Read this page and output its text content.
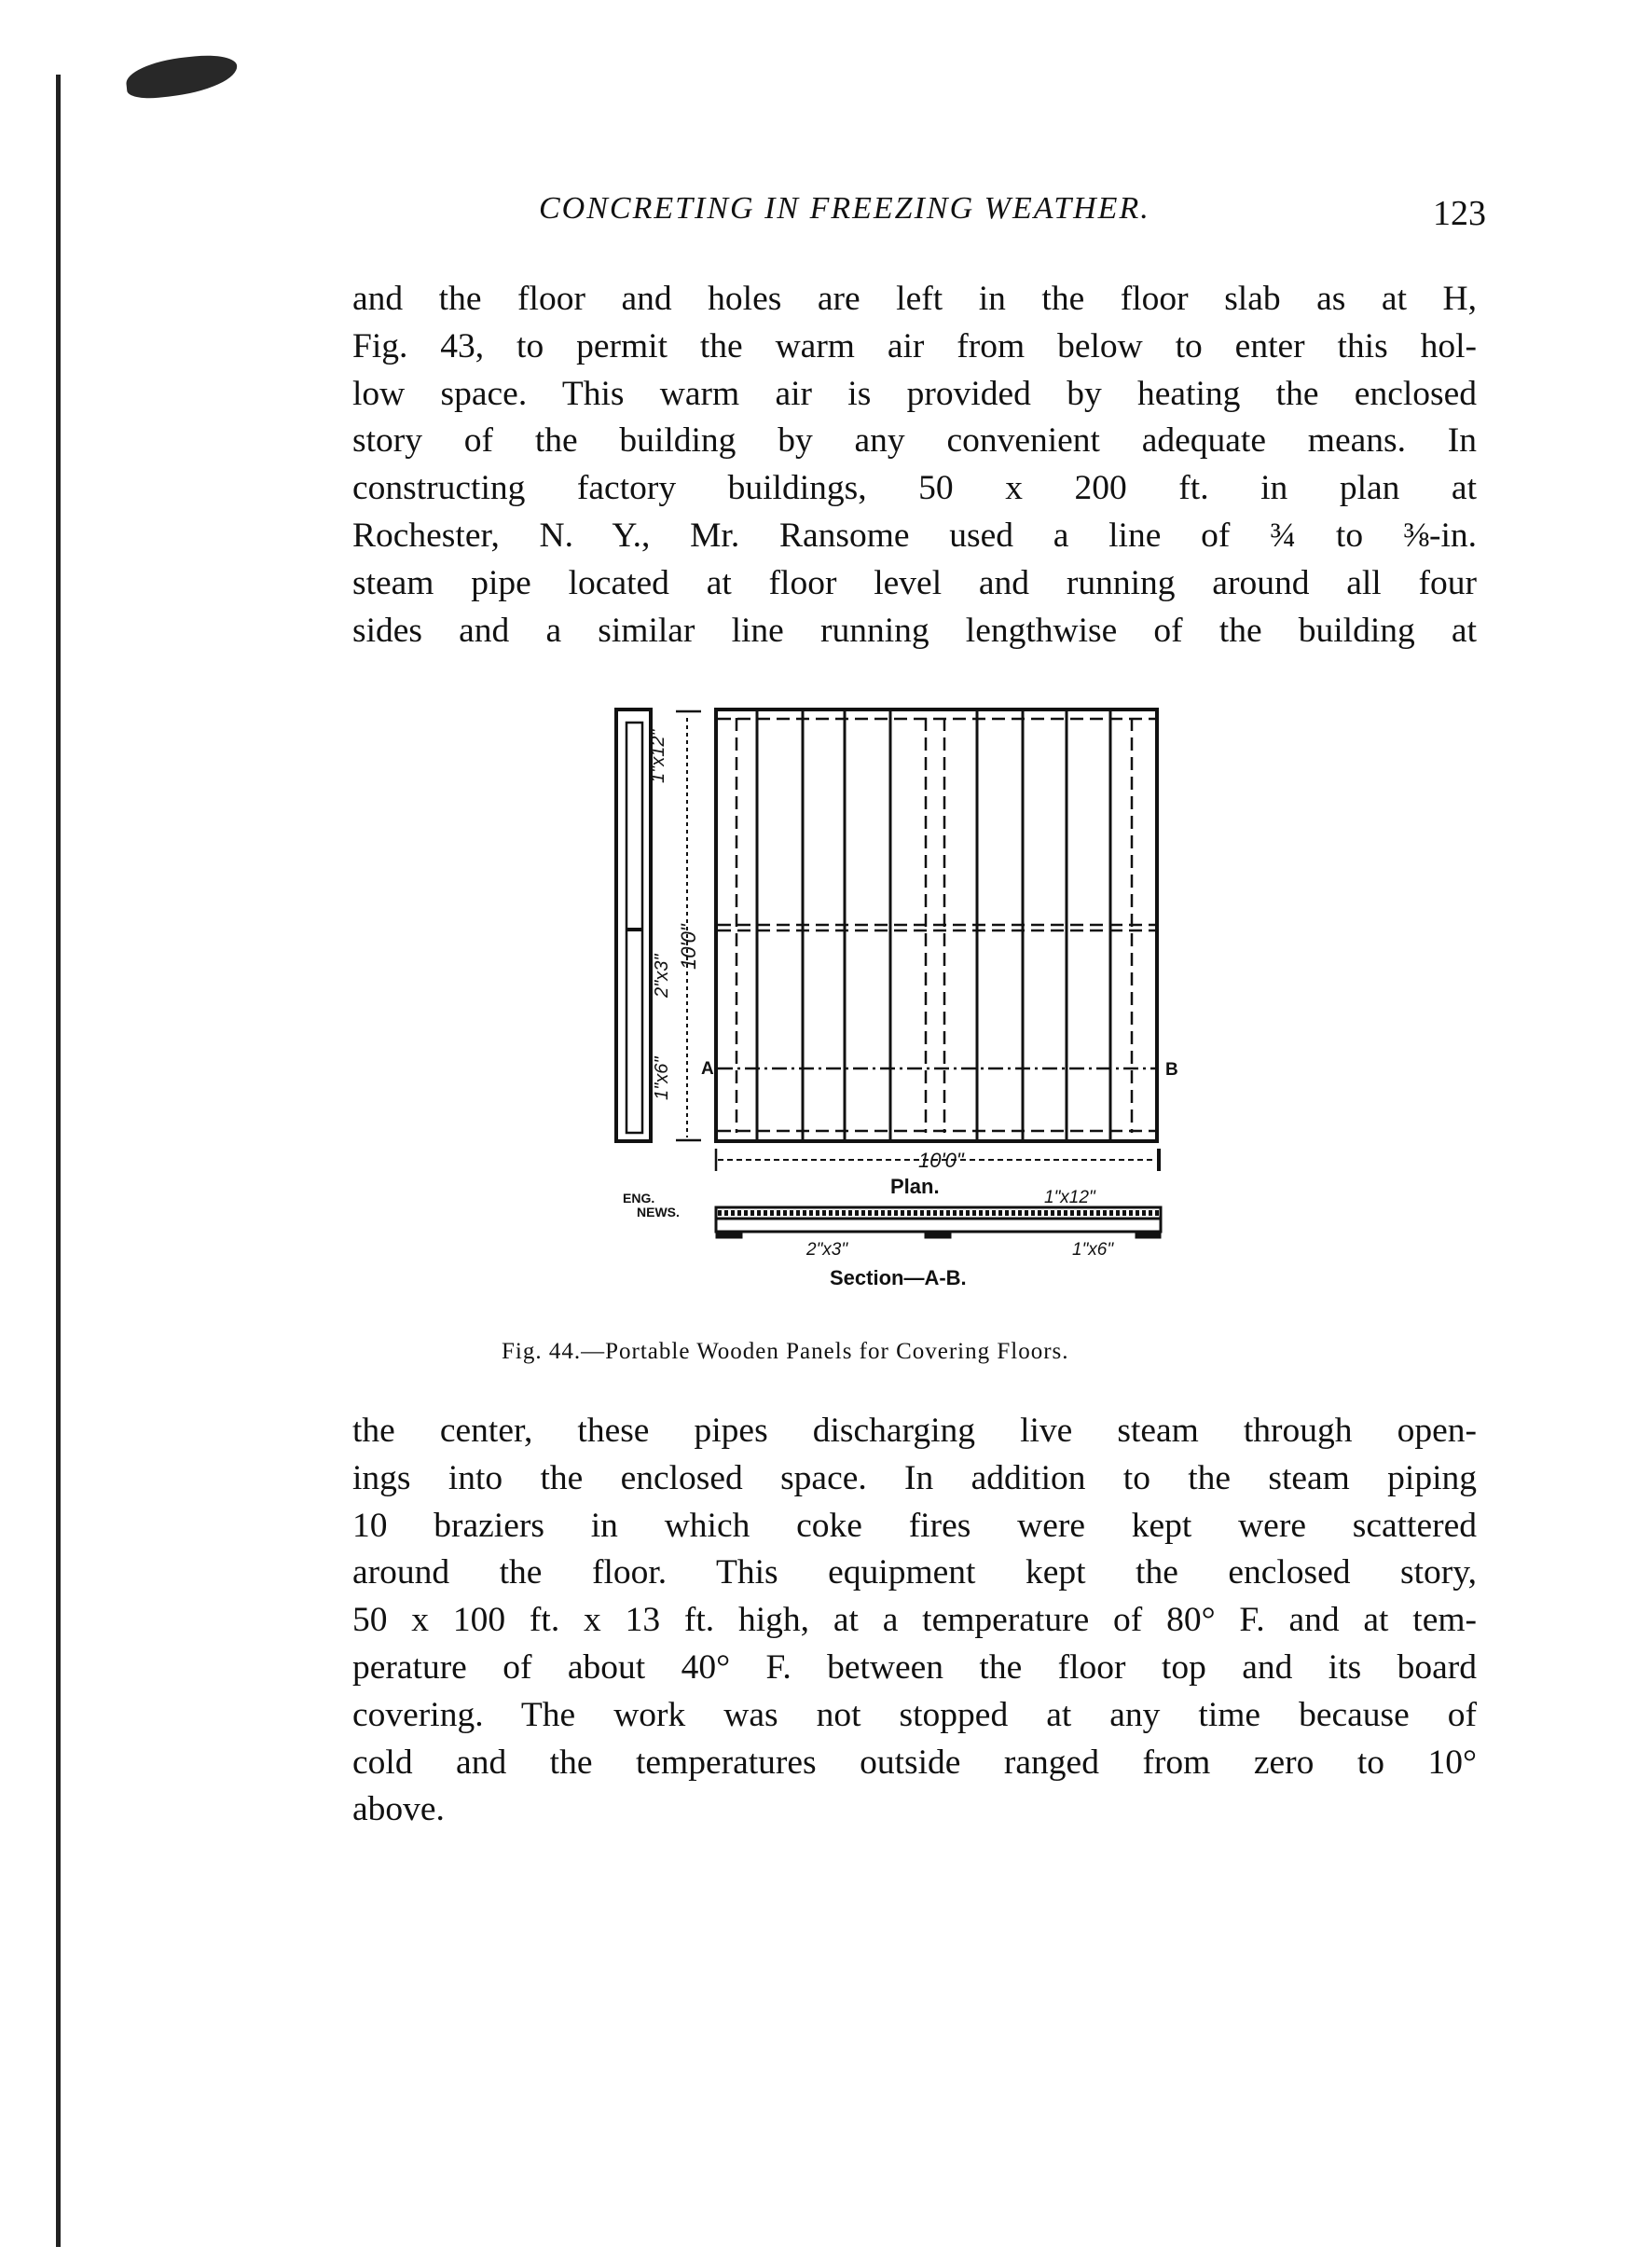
CONCRETING IN FREEZING WEATHER.	123
and the floor and holes are left in the floor slab as at H,
Fig. 43, to permit the warm air from below to enter this hol-
low space. This warm air is provided by heating the enclosed
story of the building by any convenient adequate means. In
constructing factory buildings, 50 x 200 ft. in plan at
Rochester, N. Y., Mr. Ransome used a line of ¾ to ⅜-in.
steam pipe located at floor level and running around all four
sides and a similar line running lengthwise of the building at
1"x12"
2"x3"
1"x6"
10'0"
10'0"
A	B
Plan.
ENG.
NEWS.
1"x12"
2"x3"	1"x6"
Section—A-B.
Fig. 44.—Portable Wooden Panels for Covering Floors.
the center, these pipes discharging live steam through open-
ings into the enclosed space. In addition to the steam piping
10 braziers in which coke fires were kept were scattered
around the floor. This equipment kept the enclosed story,
50 x 100 ft. x 13 ft. high, at a temperature of 80° F. and at tem-
perature of about 40° F. between the floor top and its board
covering. The work was not stopped at any time because of
cold and the temperatures outside ranged from zero to 10°
above.
